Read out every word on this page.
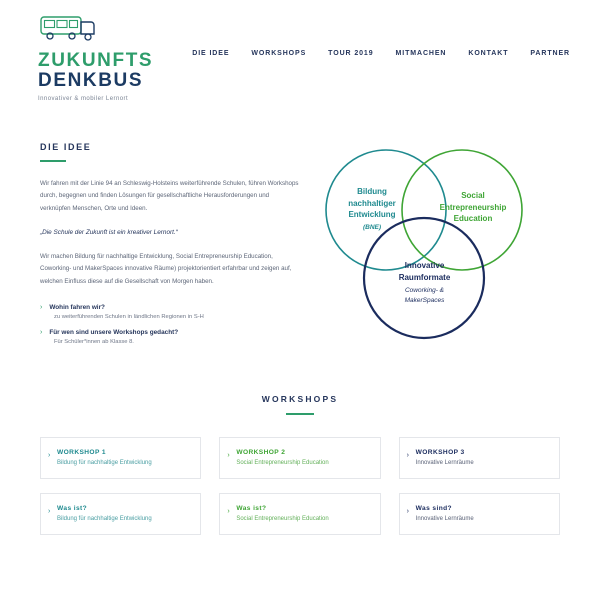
ZUKUNFTS
DENKBUS
Innovativer & mobiler Lernort
DIE IDEE	WORKSHOPS	TOUR 2019	MITMACHEN	KONTAKT	PARTNER
DIE IDEE

Wir fahren mit der Linie 94 an Schleswig-Holsteins weiterführende Schulen, führen Workshops durch, begegnen und finden Lösungen für gesellschaftliche Herausforderungen und verknüpfen Menschen, Orte und Ideen.

„Die Schule der Zukunft ist ein kreativer Lernort.“

Wir machen Bildung für nachhaltige Entwicklung, Social Entrepreneurship Education, Coworking- und MakerSpaces innovative Räume) projektorientiert erfahrbar und zeigen auf, welchen Einfluss diese auf die Gesellschaft von Morgen haben.

› Wohin fahren wir?
zu weiterführenden Schulen in ländlichen Regionen in S-H
› Für wen sind unsere Workshops gedacht?
Für Schüler*innen ab Klasse 8.
Bildung
nachhaltiger
Entwicklung
(BNE)
Social
Entrepreneurship
Education
Innovative
Raumformate
Coworking- &
MakerSpaces
WORKSHOPS
› WORKSHOP 1
Bildung für nachhaltige Entwicklung
› WORKSHOP 2
Social Entrepreneurship Education
› WORKSHOP 3
Innovative Lernräume
› Was ist?
Bildung für nachhaltige Entwicklung
› Was ist?
Social Entrepreneurship Education
› Was sind?
Innovative Lernräume
